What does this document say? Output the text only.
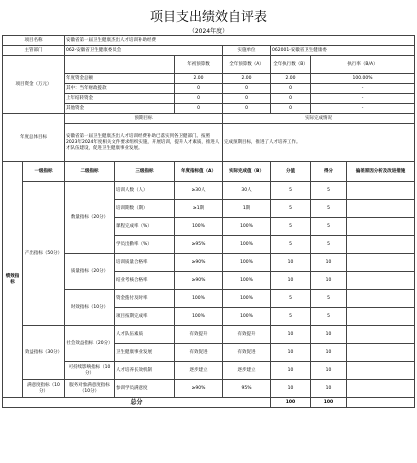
项目支出绩效自评表
（2024年度）
项目名称		安徽省第一届卫生健康杰出人才培训补助经费						
主管部门		062-安徽省卫生健康委员会			实施单位	062001-安徽省卫生健康委		
项目资金（万元）				年初预算数	全年预算数（A）	全年执行数（B）	执行率（B/A）	
		年度资金总额		2.00	2.00	2.00	100.00%	
		其中：当年财政拨款		0	0	0	-	
		上年结转资金		0	0	0	-	
		其他资金		0	0	0	-	
年度总体目标		预期目标			实际完成情况			
		安徽省第一届卫生健康杰出人才培训经费补助已落实到各卫健部门。按照2023年2024年度相关文件要求组织实施，开展培训，提升人才素质，推进人才队伍建设，促进卫生健康事业发展。			完成预期目标，推进了人才培养工作。			
绩效指标	一级指标	二级指标	三级指标	年度指标值（A）	实际完成值（B）	分值	得分	偏差原因分析及改进措施
	产出指标（50分）	数量指标（20分）	培训人数（人）	≥30人	30人	5	5	
			培训期数（期）	≥1期	1期	5	5	
			课程完成率（%）	100%	100%	5	5	
			学员出勤率（%）	≥95%	100%	5	5	
		质量指标（20分）	培训质量合格率	≥90%	100%	10	10	
			结业考核合格率	≥90%	100%	10	10	
		时效指标（10分）	资金拨付及时率	100%	100%	5	5	
			项目按期完成率	100%	100%	5	5	
	效益指标（30分）	社会效益指标（20分）	人才队伍素质	有效提升	有效提升	10	10	
			卫生健康事业发展	有效促进	有效促进	10	10	
		可持续影响指标（10分）	人才培养长效机制	逐步建立	逐步建立	10	10	
	满意度指标（10分）	服务对象满意度指标（10分）	参训学员满意度	≥90%	95%	10	10	
总分						100	100	
